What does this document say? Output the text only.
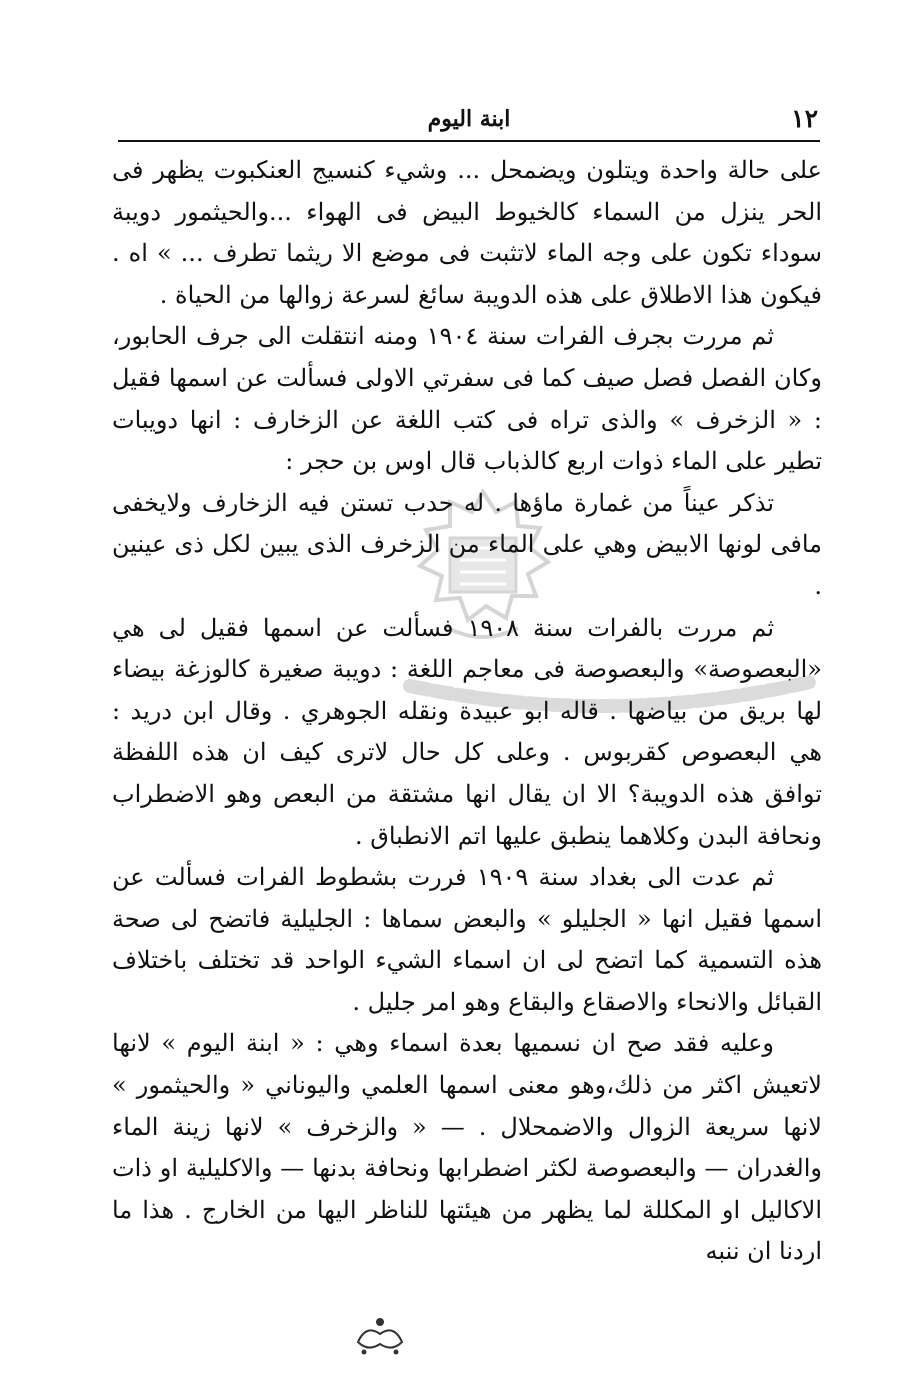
١٢
ابنة اليوم

على حالة واحدة ويتلون ويضمحل ... وشيء كنسيج العنكبوت يظهر فى الحر ينزل من السماء كالخيوط البيض فى الهواء ...والحيثمور دويبة سوداء تكون على وجه الماء لاتثبت فى موضع الا ريثما تطرف ... » اه . فيكون هذا الاطلاق على هذه الدويبة سائغ لسرعة زوالها من الحياة .

ثم مررت بجرف الفرات سنة ١٩٠٤ ومنه انتقلت الى جرف الحابور، وكان الفصل فصل صيف كما فى سفرتي الاولى فسألت عن اسمها فقيل : « الزخرف » والذى تراه فى كتب اللغة عن الزخارف : انها دويبات تطير على الماء ذوات اربع كالذباب قال اوس بن حجر :

تذكر عيناً من غمارة ماؤها . له حدب تستن فيه الزخارف ولايخفى مافى لونها الابيض وهي على الماء من الزخرف الذى يبين لكل ذى عينين .

ثم مررت بالفرات سنة ١٩٠٨ فسألت عن اسمها فقيل لى هي «البعصوصة» والبعصوصة فى معاجم اللغة : دويبة صغيرة كالوزغة بيضاء لها بريق من بياضها . قاله ابو عبيدة ونقله الجوهري . وقال ابن دريد : هي البعصوص كقربوس . وعلى كل حال لاترى كيف ان هذه اللفظة توافق هذه الدويبة؟ الا ان يقال انها مشتقة من البعص وهو الاضطراب ونحافة البدن وكلاهما ينطبق عليها اتم الانطباق .

ثم عدت الى بغداد سنة ١٩٠٩ فررت بشطوط الفرات فسألت عن اسمها فقيل انها « الجليلو » والبعض سماها : الجليلية فاتضح لى صحة هذه التسمية كما اتضح لى ان اسماء الشيء الواحد قد تختلف باختلاف القبائل والانحاء والاصقاع والبقاع وهو امر جليل .

وعليه فقد صح ان نسميها بعدة اسماء وهي : « ابنة اليوم » لانها لاتعيش اكثر من ذلك،وهو معنى اسمها العلمي واليوناني « والحيثمور » لانها سريعة الزوال والاضمحلال . — « والزخرف » لانها زينة الماء والغدران — والبعصوصة لكثر اضطرابها ونحافة بدنها — والاكليلية او ذات الاكاليل او المكللة لما يظهر من هيئتها للناظر اليها من الخارج . هذا ما اردنا ان ننبه
